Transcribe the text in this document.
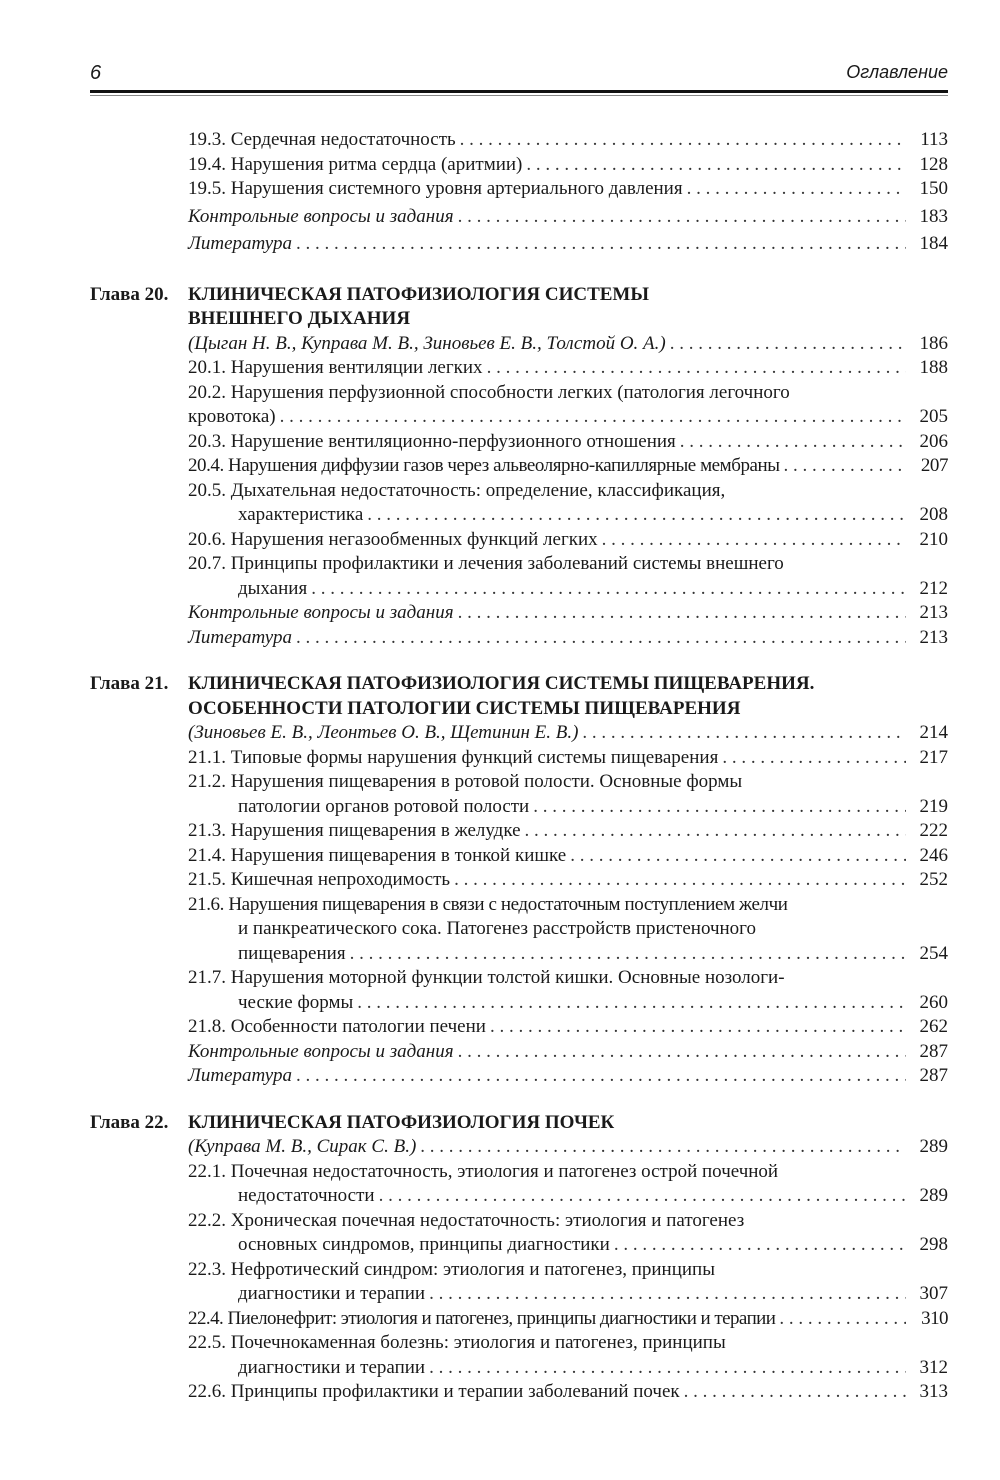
6	Оглавление
19.3. Сердечная недостаточность . . .	113
19.4. Нарушения ритма сердца (аритмии) . . .	128
19.5. Нарушения системного уровня артериального давления . . .	150
Контрольные вопросы и задания . . .	183
Литература . . .	184
Глава 20. КЛИНИЧЕСКАЯ ПАТОФИЗИОЛОГИЯ СИСТЕМЫ
ВНЕШНЕГО ДЫХАНИЯ
(Цыган Н. В., Куправа М. В., Зиновьев Е. В., Толстой О. А.) . . .	186
20.1. Нарушения вентиляции легких . . .	188
20.2. Нарушения перфузионной способности легких (патология легочного
кровотока) . . .	205
20.3. Нарушение вентиляционно-перфузионного отношения . . .	206
20.4. Нарушения диффузии газов через альвеолярно-капиллярные мембраны . . .	207
20.5. Дыхательная недостаточность: определение, классификация,
характеристика . . .	208
20.6. Нарушения негазообменных функций легких . . .	210
20.7. Принципы профилактики и лечения заболеваний системы внешнего
дыхания . . .	212
Контрольные вопросы и задания . . .	213
Литература . . .	213
Глава 21. КЛИНИЧЕСКАЯ ПАТОФИЗИОЛОГИЯ СИСТЕМЫ ПИЩЕВАРЕНИЯ.
ОСОБЕННОСТИ ПАТОЛОГИИ СИСТЕМЫ ПИЩЕВАРЕНИЯ
(Зиновьев Е. В., Леонтьев О. В., Щетинин Е. В.) . . .	214
21.1. Типовые формы нарушения функций системы пищеварения . . .	217
21.2. Нарушения пищеварения в ротовой полости. Основные формы
патологии органов ротовой полости . . .	219
21.3. Нарушения пищеварения в желудке . . .	222
21.4. Нарушения пищеварения в тонкой кишке . . .	246
21.5. Кишечная непроходимость . . .	252
21.6. Нарушения пищеварения в связи с недостаточным поступлением желчи
и панкреатического сока. Патогенез расстройств пристеночного
пищеварения . . .	254
21.7. Нарушения моторной функции толстой кишки. Основные нозологи-
ческие формы . . .	260
21.8. Особенности патологии печени . . .	262
Контрольные вопросы и задания . . .	287
Литература . . .	287
Глава 22. КЛИНИЧЕСКАЯ ПАТОФИЗИОЛОГИЯ ПОЧЕК
(Куправа М. В., Сирак С. В.) . . .	289
22.1. Почечная недостаточность, этиология и патогенез острой почечной
недостаточности . . .	289
22.2. Хроническая почечная недостаточность: этиология и патогенез
основных синдромов, принципы диагностики . . .	298
22.3. Нефротический синдром: этиология и патогенез, принципы
диагностики и терапии . . .	307
22.4. Пиелонефрит: этиология и патогенез, принципы диагностики и терапии . . .	310
22.5. Почечнокаменная болезнь: этиология и патогенез, принципы
диагностики и терапии . . .	312
22.6. Принципы профилактики и терапии заболеваний почек . . .	313
